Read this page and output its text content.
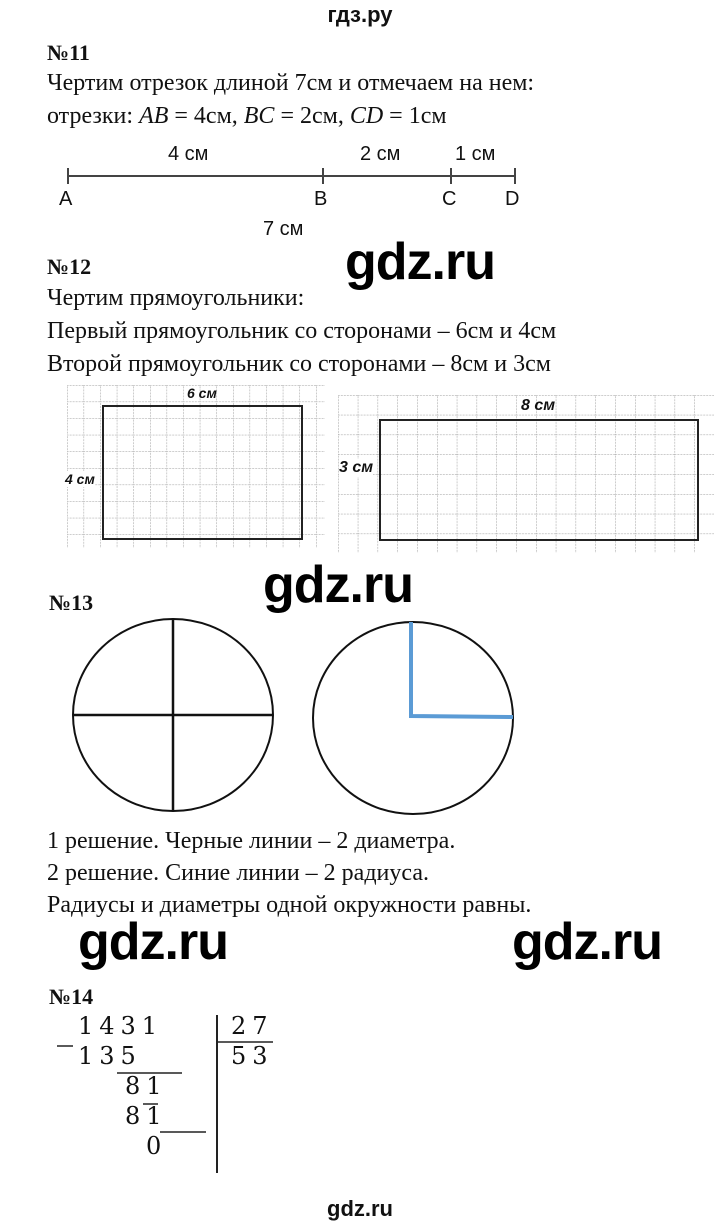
гдз.ру
№11
Чертим отрезок длиной 7см и отмечаем на нем:
отрезки: AB = 4см, BC = 2см, CD = 1см
4 см	2 см	1 см
A	B	C D
7 см
№12	gdz.ru
Чертим прямоугольники:
Первый прямоугольник со сторонами – 6см и 4см
Второй прямоугольник со сторонами – 8см и 3см
6 см
4 см
8 см
3 см
№13	gdz.ru
1 решение. Черные линии – 2 диаметра.
2 решение. Синие линии – 2 радиуса.
Радиусы и диаметры одной окружности равны.
gdz.ru	gdz.ru
№14
1431	27
53
135
81
81
0
gdz.ru
